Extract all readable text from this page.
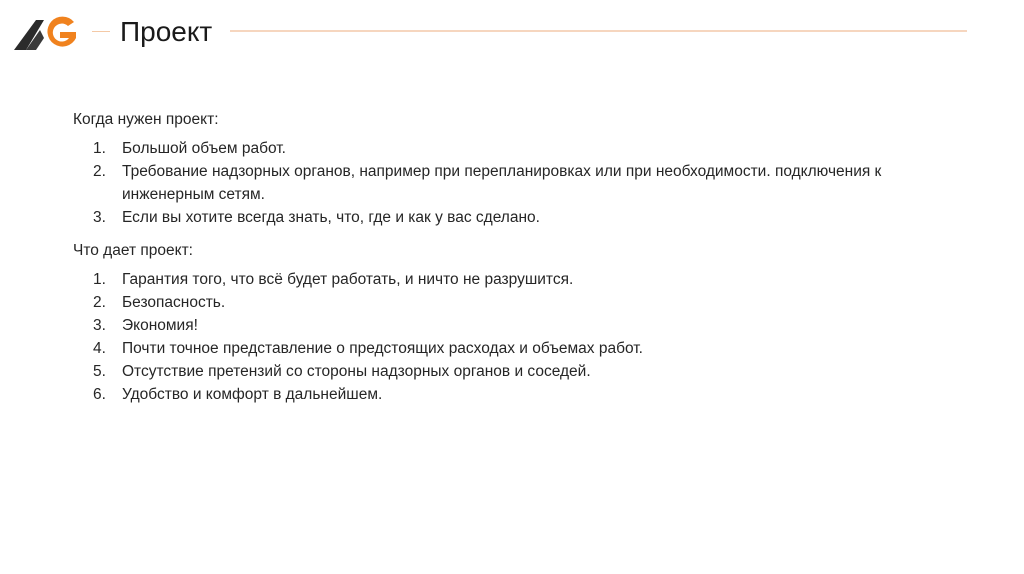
Проект
Когда нужен проект:
1. Большой объем работ.
2. Требование надзорных органов, например при перепланировках или при необходимости. подключения к инженерным сетям.
3. Если вы хотите всегда знать, что, где и как у вас сделано.
Что дает проект:
1. Гарантия того, что всё будет работать, и ничто не разрушится.
2. Безопасность.
3. Экономия!
4. Почти точное представление о предстоящих расходах и объемах работ.
5. Отсутствие претензий со стороны надзорных органов и соседей.
6. Удобство и комфорт в дальнейшем.
